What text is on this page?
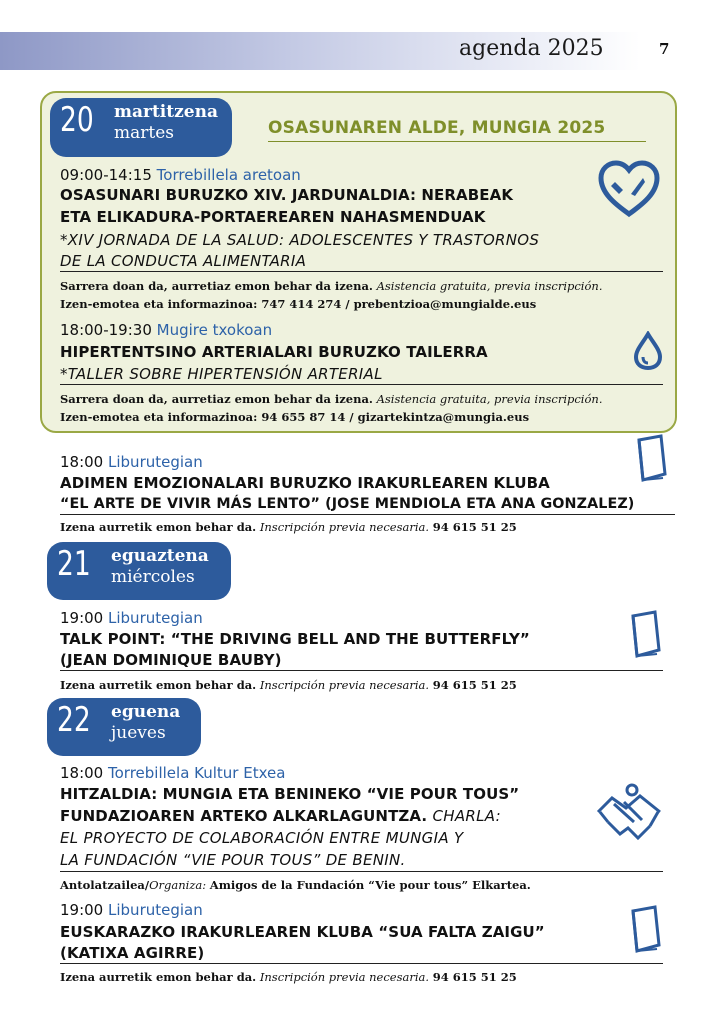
agenda 2025	7
20 martitzena
martes	OSASUNAREN ALDE, MUNGIA 2025
09:00-14:15 Torrebillela aretoan
OSASUNARI BURUZKO XIV. JARDUNALDIA: NERABEAK
ETA ELIKADURA-PORTAEREAREN NAHASMENDUAK
*XIV JORNADA DE LA SALUD: ADOLESCENTES Y TRASTORNOS
DE LA CONDUCTA ALIMENTARIA
Sarrera doan da, aurretiaz emon behar da izena. Asistencia gratuita, previa inscripción.
Izen-emotea eta informazinoa: 747 414 274 / prebentzioa@mungialde.eus
18:00-19:30 Mugire txokoan
HIPERTENTSINO ARTERIALARI BURUZKO TAILERRA
*TALLER SOBRE HIPERTENSIÓN ARTERIAL
Sarrera doan da, aurretiaz emon behar da izena. Asistencia gratuita, previa inscripción.
Izen-emotea eta informazinoa: 94 655 87 14 / gizartekintza@mungia.eus
18:00 Liburutegian
ADIMEN EMOZIONALARI BURUZKO IRAKURLEAREN KLUBA
“EL ARTE DE VIVIR MÁS LENTO” (JOSE MENDIOLA ETA ANA GONZALEZ)
Izena aurretik emon behar da. Inscripción previa necesaria. 94 615 51 25
21 eguaztena
miércoles
19:00 Liburutegian
TALK POINT: “THE DRIVING BELL AND THE BUTTERFLY”
(JEAN DOMINIQUE BAUBY)
Izena aurretik emon behar da. Inscripción previa necesaria. 94 615 51 25
22 eguena
jueves
18:00 Torrebillela Kultur Etxea
HITZALDIA: MUNGIA ETA BENINEKO “VIE POUR TOUS”
FUNDAZIOAREN ARTEKO ALKARLAGUNTZA. CHARLA:
EL PROYECTO DE COLABORACIÓN ENTRE MUNGIA Y
LA FUNDACIÓN “VIE POUR TOUS” DE BENIN.
Antolatzailea/Organiza: Amigos de la Fundación “Vie pour tous” Elkartea.
19:00 Liburutegian
EUSKARAZKO IRAKURLEAREN KLUBA “SUA FALTA ZAIGU”
(KATIXA AGIRRE)
Izena aurretik emon behar da. Inscripción previa necesaria. 94 615 51 25
